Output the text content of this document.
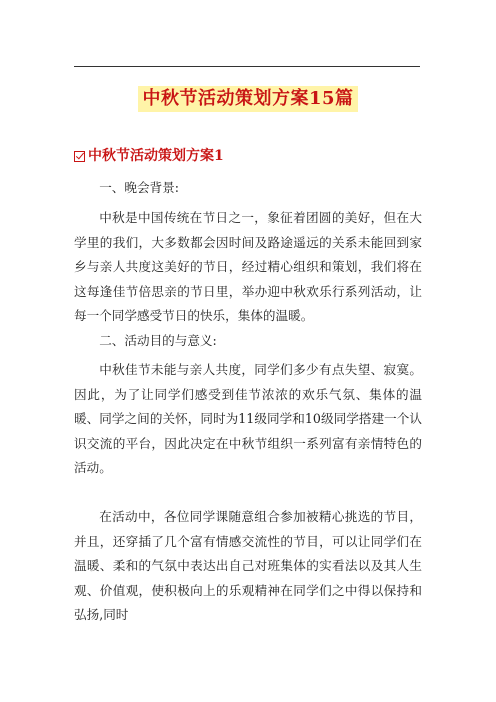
中秋节活动策划方案15篇
中秋节活动策划方案1
一、晚会背景:

中秋是中国传统在节日之一，象征着团圆的美好，但在大学里的我们，大多数都会因时间及路途遥远的关系未能回到家乡与亲人共度这美好的节日，经过精心组织和策划，我们将在这每逢佳节倍思亲的节日里，举办迎中秋欢乐行系列活动，让每一个同学感受节日的快乐，集体的温暖。

二、活动目的与意义:

中秋佳节未能与亲人共度，同学们多少有点失望、寂寞。因此，为了让同学们感受到佳节浓浓的欢乐气氛、集体的温暖、同学之间的关怀，同时为11级同学和10级同学搭建一个认识交流的平台，因此决定在中秋节组织一系列富有亲情特色的活动。

在活动中，各位同学课随意组合参加被精心挑选的节目，并且，还穿插了几个富有情感交流性的节目，可以让同学们在温暖、柔和的气氛中表达出自己对班集体的实看法以及其人生观、价值观，使积极向上的乐观精神在同学们之中得以保持和弘扬,同时
